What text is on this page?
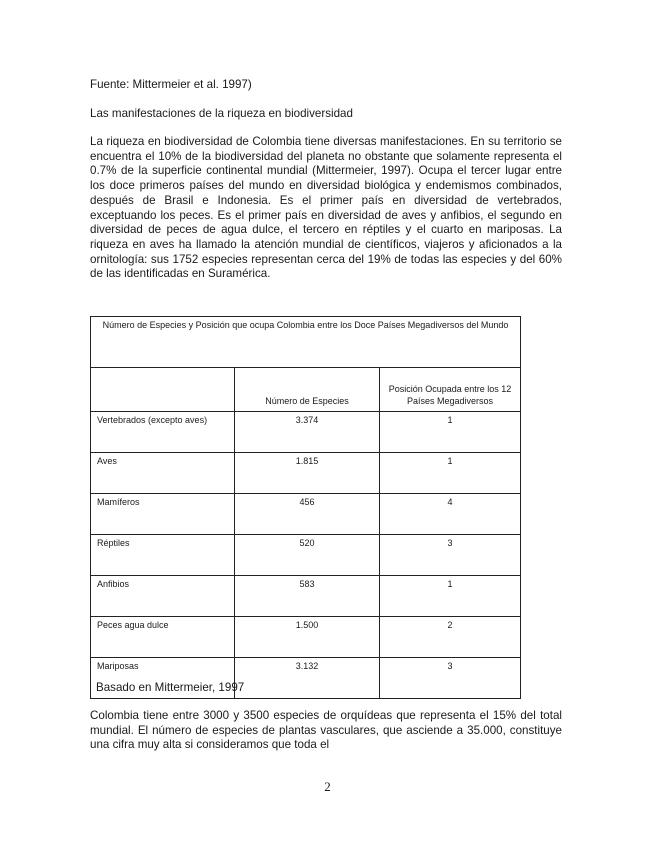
Fuente: Mittermeier et al. 1997)
Las manifestaciones de la riqueza en biodiversidad

La riqueza en biodiversidad de Colombia tiene diversas manifestaciones. En su territorio se encuentra el 10% de la biodiversidad del planeta no obstante que solamente representa el 0.7% de la superficie continental mundial (Mittermeier, 1997). Ocupa el tercer lugar entre los doce primeros países del mundo en diversidad biológica y endemismos combinados, después de Brasil e Indonesia. Es el primer país en diversidad de vertebrados, exceptuando los peces. Es el primer país en diversidad de aves y anfibios, el segundo en diversidad de peces de agua dulce, el tercero en réptiles y el cuarto en mariposas. La riqueza en aves ha llamado la atención mundial de científicos, viajeros y aficionados a la ornitología: sus 1752 especies representan cerca del 19% de todas las especies y del 60% de las identificadas en Suramérica.

Número de Especies y Posición que ocupa Colombia entre los Doce Países Megadiversos del Mundo		
	Número de Especies	Posición Ocupada entre los 12 Países Megadiversos
Vertebrados (excepto aves)	3.374	1
Aves	1.815	1
Mamíferos	456	4
Réptiles	520	3
Anfibios	583	1
Peces agua dulce	1.500	2
Mariposas	3.132	3
Basado en Mittermeier, 1997

Colombia tiene entre 3000 y 3500 especies de orquídeas que representa el 15% del total mundial. El número de especies de plantas vasculares, que asciende a 35.000, constituye una cifra muy alta si consideramos que toda el

2
